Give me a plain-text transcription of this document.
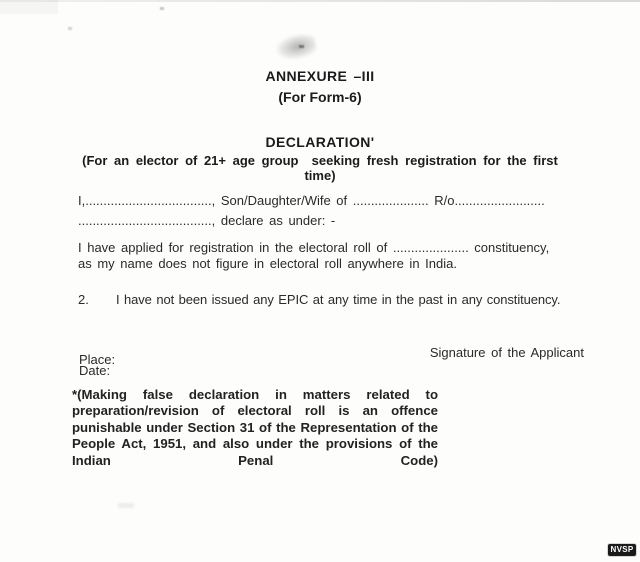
ANNEXURE –III
(For Form-6)
DECLARATION'
(For an elector of 21+ age group  seeking fresh registration for the first
time)
I,..................................., Son/Daughter/Wife of ..................... R/o.........................
....................................., declare as under: -
I have applied for registration in the electoral roll of ..................... constituency,
as my name does not figure in electoral roll anywhere in India.
2. I have not been issued any EPIC at any time in the past in any constituency.
Signature of the Applicant
Place:
Date:
*(Making false declaration in matters related to
preparation/revision of electoral roll is an offence
punishable under Section 31 of the Representation of the
People Act, 1951, and also under the provisions of the
Indian Penal Code)
NVSP
